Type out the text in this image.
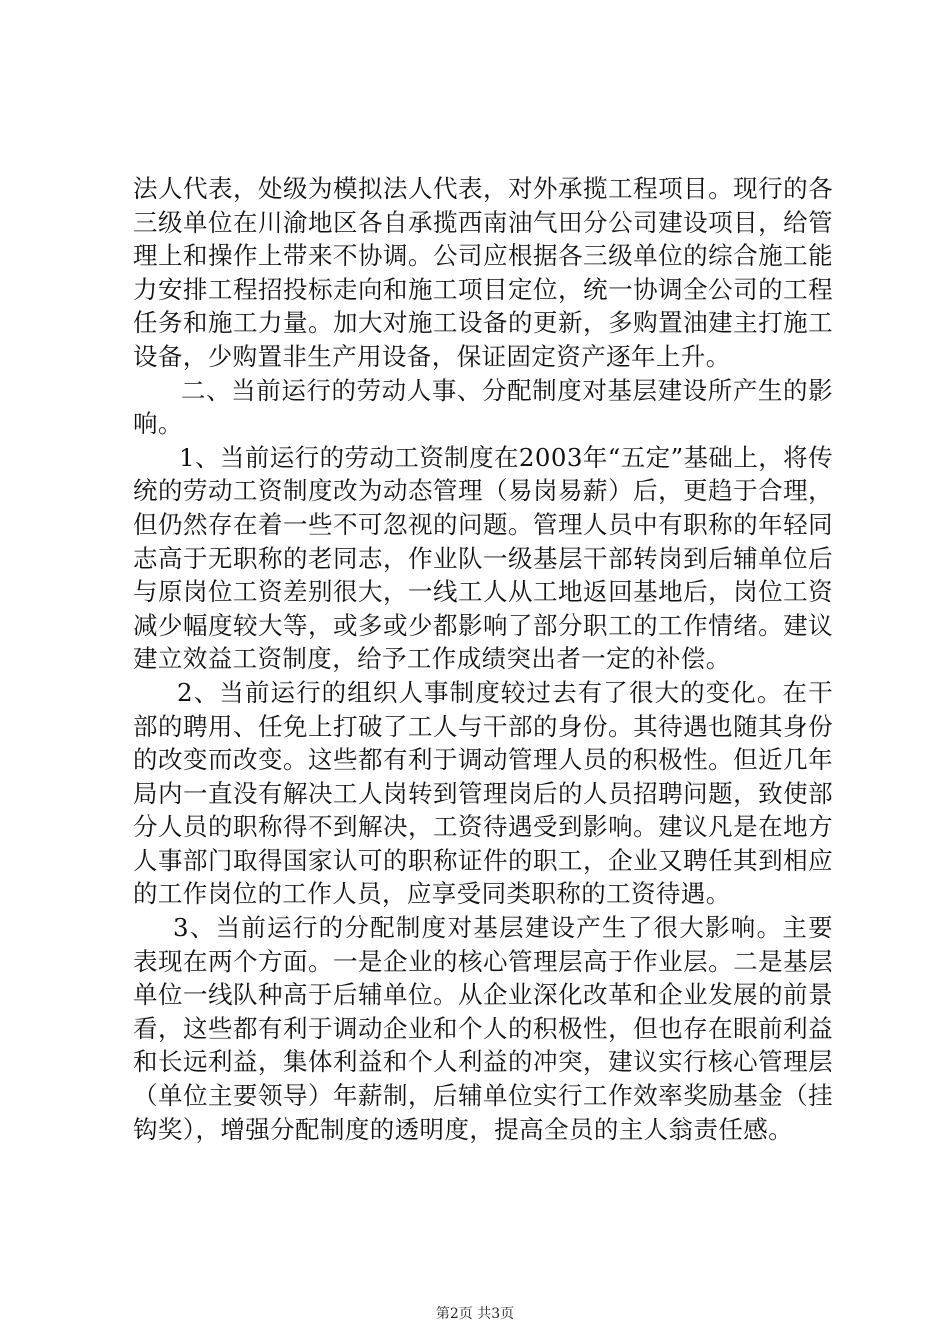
法人代表，处级为模拟法人代表，对外承揽工程项目。现行的各三级单位在川渝地区各自承揽西南油气田分公司建设项目，给管理上和操作上带来不协调。公司应根据各三级单位的综合施工能力安排工程招投标走向和施工项目定位，统一协调全公司的工程任务和施工力量。加大对施工设备的更新，多购置油建主打施工设备，少购置非生产用设备，保证固定资产逐年上升。

二、当前运行的劳动人事、分配制度对基层建设所产生的影响。

1、当前运行的劳动工资制度在2003年“五定”基础上，将传统的劳动工资制度改为动态管理（易岗易薪）后，更趋于合理，但仍然存在着一些不可忽视的问题。管理人员中有职称的年轻同志高于无职称的老同志，作业队一级基层干部转岗到后辅单位后与原岗位工资差别很大，一线工人从工地返回基地后，岗位工资减少幅度较大等，或多或少都影响了部分职工的工作情绪。建议建立效益工资制度，给予工作成绩突出者一定的补偿。

2、当前运行的组织人事制度较过去有了很大的变化。在干部的聘用、任免上打破了工人与干部的身份。其待遇也随其身份的改变而改变。这些都有利于调动管理人员的积极性。但近几年局内一直没有解决工人岗转到管理岗后的人员招聘问题，致使部分人员的职称得不到解决，工资待遇受到影响。建议凡是在地方人事部门取得国家认可的职称证件的职工，企业又聘任其到相应的工作岗位的工作人员，应享受同类职称的工资待遇。

3、当前运行的分配制度对基层建设产生了很大影响。主要表现在两个方面。一是企业的核心管理层高于作业层。二是基层单位一线队种高于后辅单位。从企业深化改革和企业发展的前景看，这些都有利于调动企业和个人的积极性，但也存在眼前利益和长远利益，集体利益和个人利益的冲突，建议实行核心管理层（单位主要领导）年薪制，后辅单位实行工作效率奖励基金（挂钩奖），增强分配制度的透明度，提高全员的主人翁责任感。

第2页 共3页
